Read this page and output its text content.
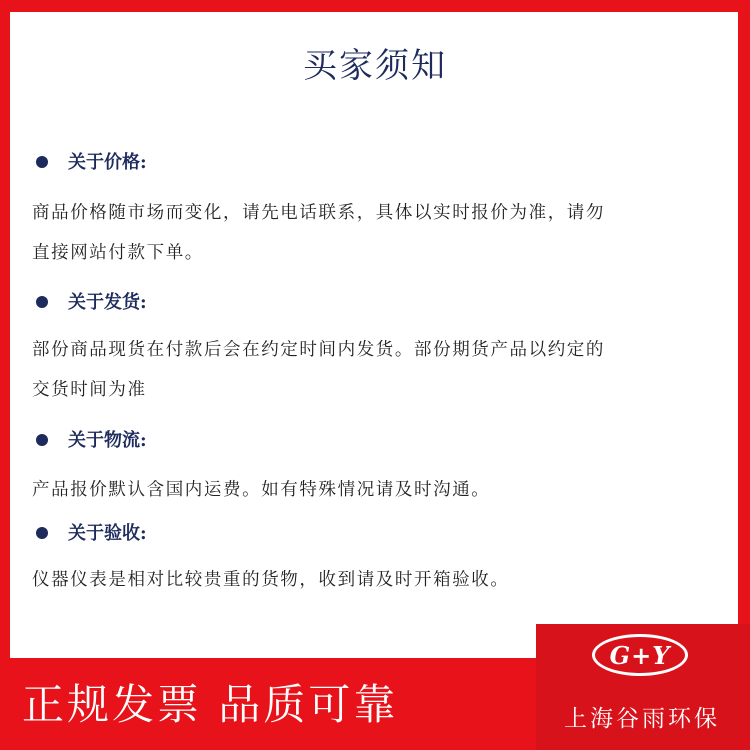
买家须知
关于价格:
商品价格随市场而变化，请先电话联系，具体以实时报价为准，请勿
直接网站付款下单。
关于发货:
部份商品现货在付款后会在约定时间内发货。部份期货产品以约定的
交货时间为准
关于物流:
产品报价默认含国内运费。如有特殊情况请及时沟通。
关于验收:
仪器仪表是相对比较贵重的货物，收到请及时开箱验收。
正规发票 品质可靠
G+Y
上海谷雨环保
